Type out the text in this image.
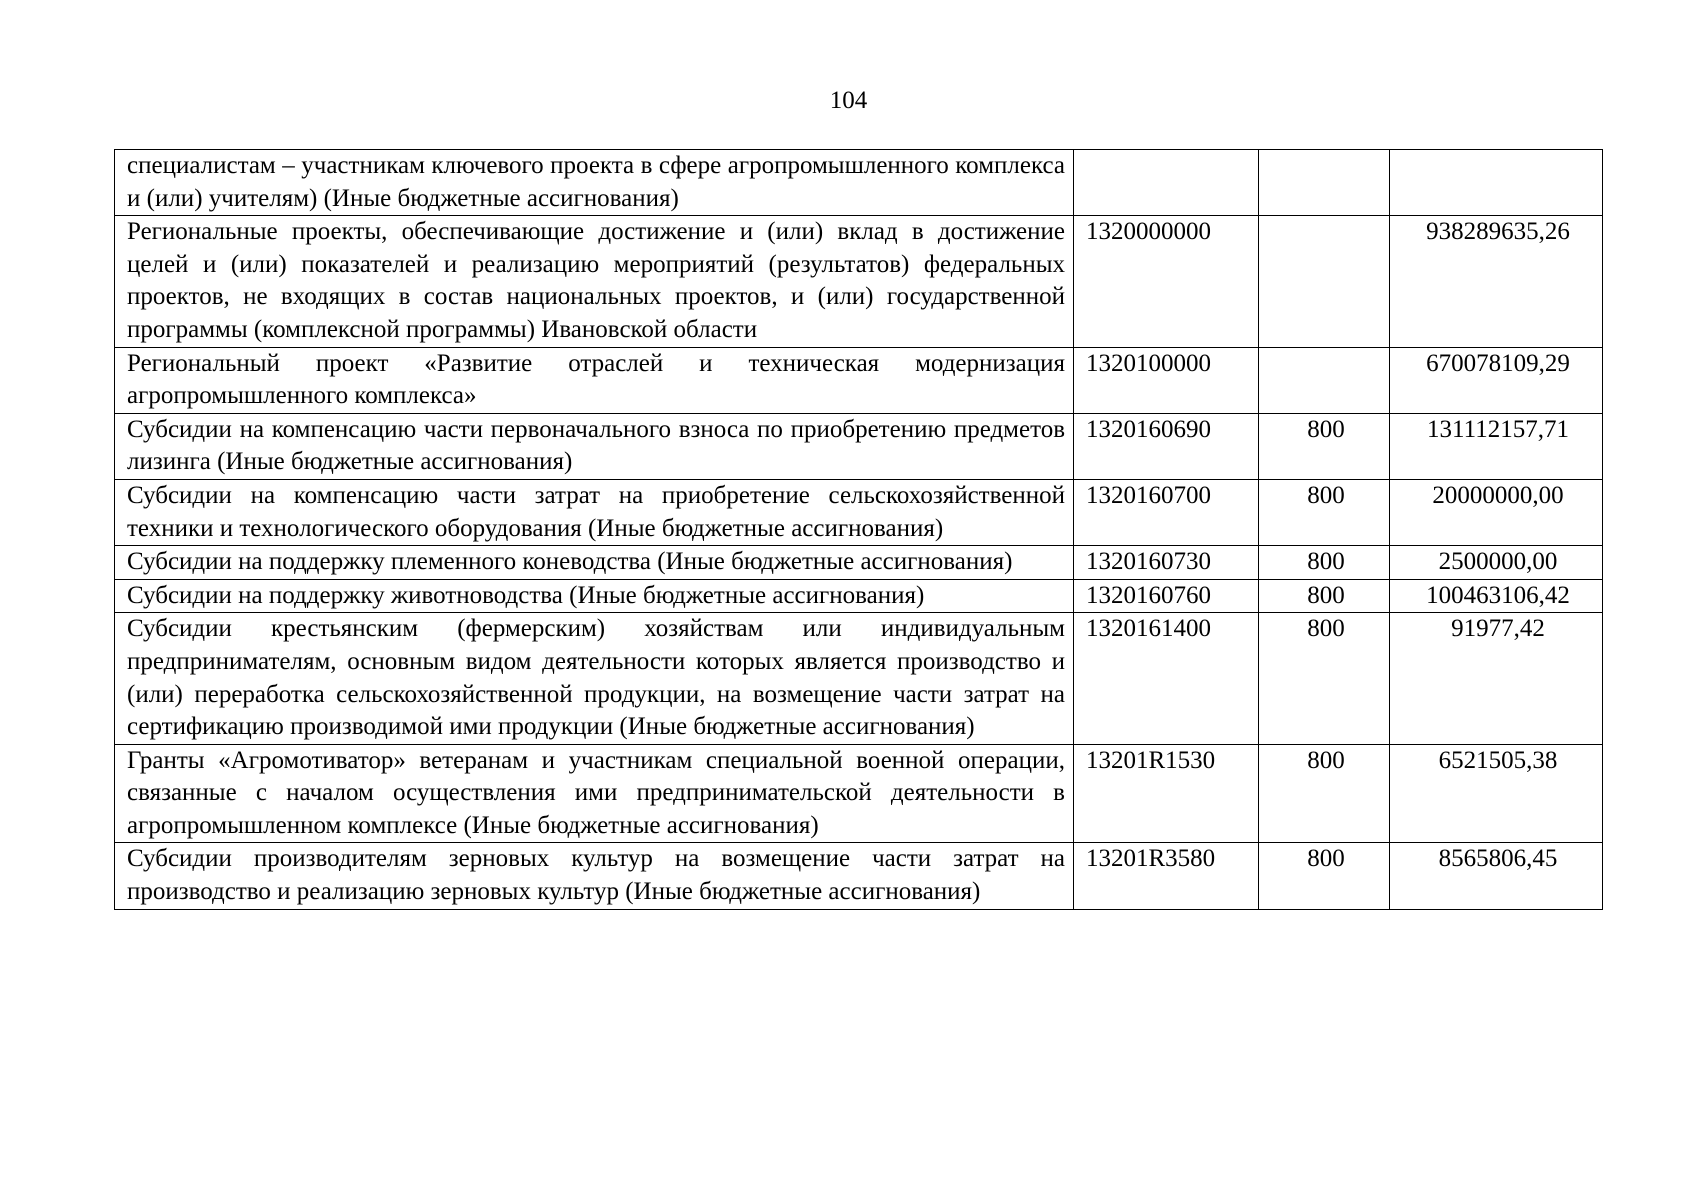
104
специалистам – участникам ключевого проекта в сфере агропромышленного комплекса и (или) учителям) (Иные бюджетные ассигнования)			
Региональные проекты, обеспечивающие достижение и (или) вклад в достижение целей и (или) показателей и реализацию мероприятий (результатов) федеральных проектов, не входящих в состав национальных проектов, и (или) государственной программы (комплексной программы) Ивановской области	1320000000		938289635,26
Региональный проект «Развитие отраслей и техническая модернизация агропромышленного комплекса»	1320100000		670078109,29
Субсидии на компенсацию части первоначального взноса по приобретению предметов лизинга (Иные бюджетные ассигнования)	1320160690	800	131112157,71
Субсидии на компенсацию части затрат на приобретение сельскохозяйственной техники и технологического оборудования (Иные бюджетные ассигнования)	1320160700	800	20000000,00
Субсидии на поддержку племенного коневодства (Иные бюджетные ассигнования)	1320160730	800	2500000,00
Субсидии на поддержку животноводства (Иные бюджетные ассигнования)	1320160760	800	100463106,42
Субсидии крестьянским (фермерским) хозяйствам или индивидуальным предпринимателям, основным видом деятельности которых является производство и (или) переработка сельскохозяйственной продукции, на возмещение части затрат на сертификацию производимой ими продукции (Иные бюджетные ассигнования)	1320161400	800	91977,42
Гранты «Агромотиватор» ветеранам и участникам специальной военной операции, связанные с началом осуществления ими предпринимательской деятельности в агропромышленном комплексе (Иные бюджетные ассигнования)	13201R1530	800	6521505,38
Субсидии производителям зерновых культур на возмещение части затрат на производство и реализацию зерновых культур (Иные бюджетные ассигнования)	13201R3580	800	8565806,45
